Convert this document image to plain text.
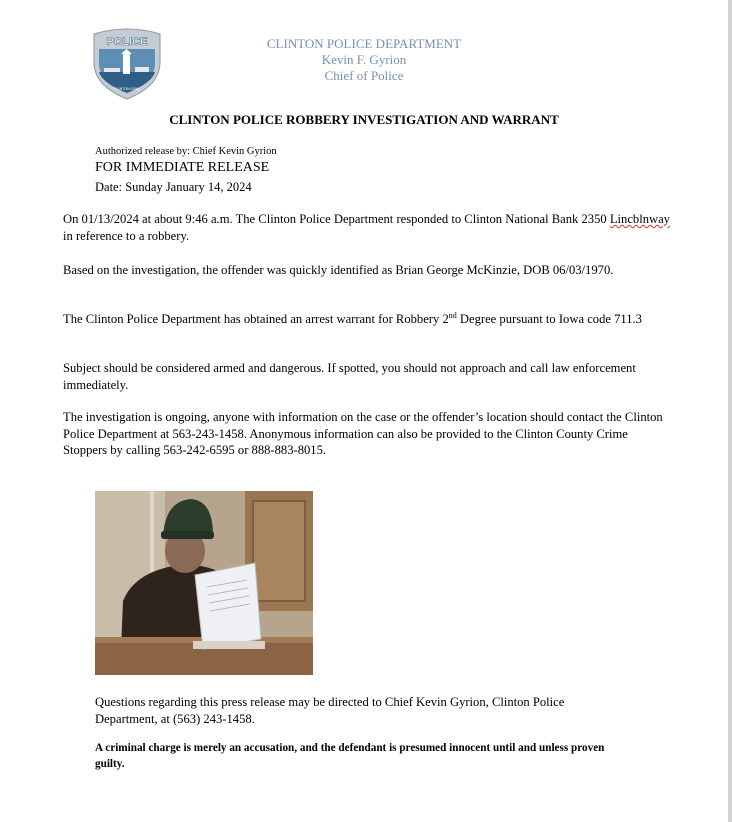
POLICE
CLINTON IOWA
CLINTON POLICE DEPARTMENT
Kevin F. Gyrion
Chief of Police
CLINTON POLICE ROBBERY INVESTIGATION AND WARRANT
Authorized release by: Chief Kevin Gyrion
FOR IMMEDIATE RELEASE
Date: Sunday January 14, 2024

On 01/13/2024 at about 9:46 a.m. The Clinton Police Department responded to Clinton National Bank 2350 Lincblnway in reference to a robbery.

Based on the investigation, the offender was quickly identified as Brian George McKinzie, DOB 06/03/1970.

The Clinton Police Department has obtained an arrest warrant for Robbery 2nd Degree pursuant to Iowa code 711.3

Subject should be considered armed and dangerous. If spotted, you should not approach and call law enforcement immediately.

The investigation is ongoing, anyone with information on the case or the offender’s location should contact the Clinton Police Department at 563-243-1458. Anonymous information can also be provided to the Clinton County Crime Stoppers by calling 563-242-6595 or 888-883-8015.

Questions regarding this press release may be directed to Chief Kevin Gyrion, Clinton Police Department, at (563) 243-1458.

A criminal charge is merely an accusation, and the defendant is presumed innocent until and unless proven guilty.
